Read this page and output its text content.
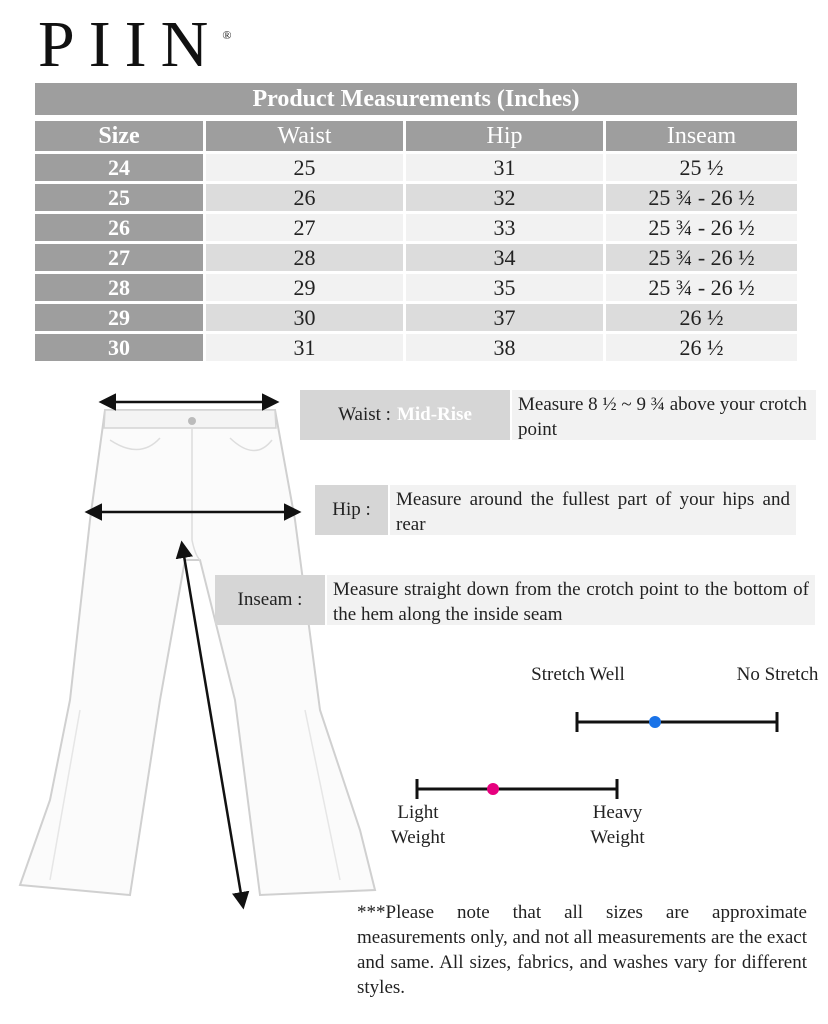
PIIN®
Product Measurements (Inches)
Size	Waist	Hip	Inseam
24	25	31	25 ½
25	26	32	25 ¾ - 26 ½
26	27	33	25 ¾ - 26 ½
27	28	34	25 ¾ - 26 ½
28	29	35	25 ¾ - 26 ½
29	30	37	26 ½
30	31	38	26 ½
Waist : Mid-Rise	Measure 8 ½ ~ 9 ¾ above your crotch point
Hip :	Measure around the fullest part of your hips and rear
Inseam :	Measure straight down from the crotch point to the bottom of the hem along the inside seam
Stretch Well	No Stretch
Light Weight
Heavy Weight
***Please note that all sizes are approximate measurements only, and not all measurements are the exact and same. All sizes, fabrics, and washes vary for different styles.
